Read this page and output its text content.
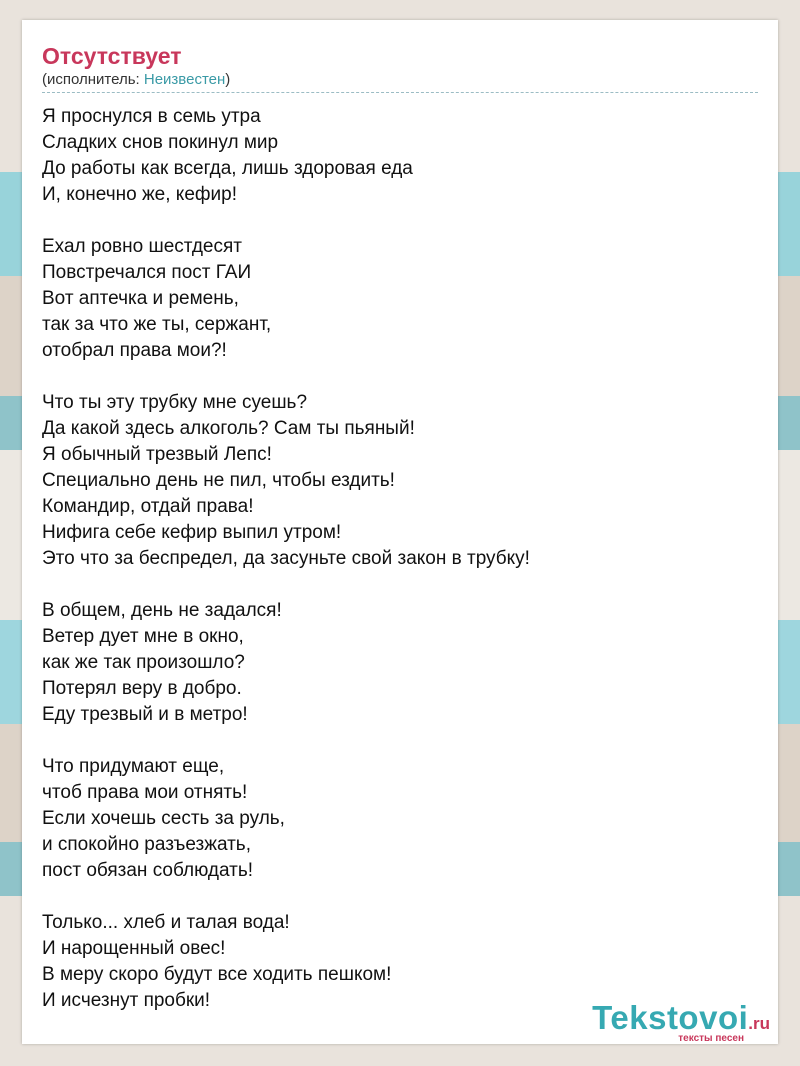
Отсутствует
(исполнитель: Неизвестен)
Я проснулся в семь утра
Сладких снов покинул мир
До работы как всегда, лишь здоровая еда
И, конечно же, кефир!
Ехал ровно шестдесят
Повстречался пост ГАИ
Вот аптечка и ремень,
так за что же ты, сержант,
отобрал права мои?!
Что ты эту трубку мне суешь?
Да какой здесь алкоголь? Сам ты пьяный!
Я обычный трезвый Лепс!
Специально день не пил, чтобы ездить!
Командир, отдай права!
Нифига себе кефир выпил утром!
Это что за беспредел, да засуньте свой закон в трубку!
В общем, день не задался!
Ветер дует мне в окно,
как же так произошло?
Потерял веру в добро.
Еду трезвый и в метро!
Что придумают еще,
чтоб права мои отнять!
Если хочешь сесть за руль,
и спокойно разъезжать,
пост обязан соблюдать!
Только... хлеб и талая вода!
И нарощенный овес!
В меру скоро будут все ходить пешком!
И исчезнут пробки!	Tekstovoi.ru
тексты песен
